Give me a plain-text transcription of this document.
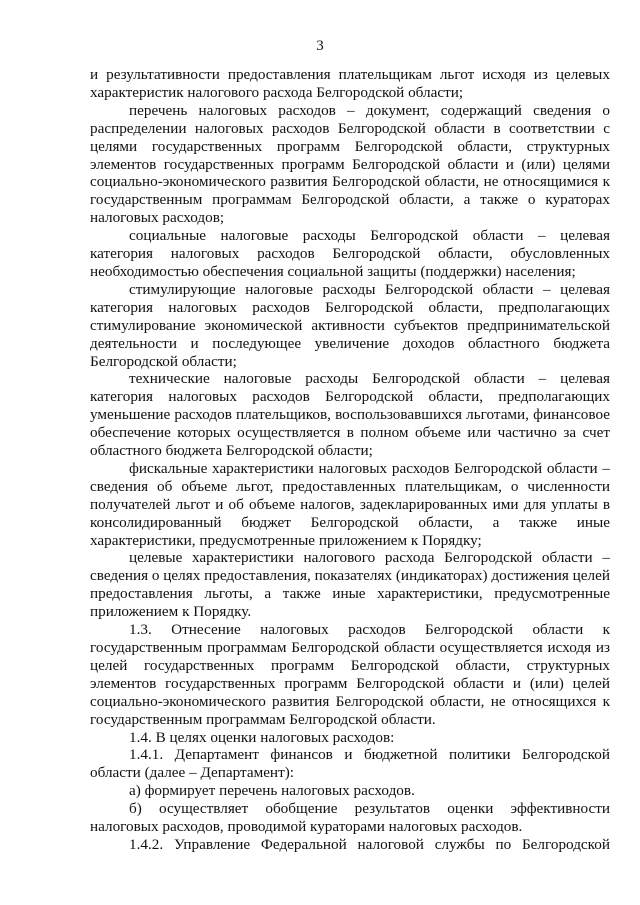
3

и результативности предоставления плательщикам льгот исходя из целевых характеристик налогового расхода Белгородской области;

перечень налоговых расходов – документ, содержащий сведения о распределении налоговых расходов Белгородской области в соответствии с целями государственных программ Белгородской области, структурных элементов государственных программ Белгородской области и (или) целями социально-экономического развития Белгородской области, не относящимися к государственным программам Белгородской области, а также о кураторах налоговых расходов;

социальные налоговые расходы Белгородской области – целевая категория налоговых расходов Белгородской области, обусловленных необходимостью обеспечения социальной защиты (поддержки) населения;

стимулирующие налоговые расходы Белгородской области – целевая категория налоговых расходов Белгородской области, предполагающих стимулирование экономической активности субъектов предпринимательской деятельности и последующее увеличение доходов областного бюджета Белгородской области;

технические налоговые расходы Белгородской области – целевая категория налоговых расходов Белгородской области, предполагающих уменьшение расходов плательщиков, воспользовавшихся льготами, финансовое обеспечение которых осуществляется в полном объеме или частично за счет областного бюджета Белгородской области;

фискальные характеристики налоговых расходов Белгородской области – сведения об объеме льгот, предоставленных плательщикам, о численности получателей льгот и об объеме налогов, задекларированных ими для уплаты в консолидированный бюджет Белгородской области, а также иные характеристики, предусмотренные приложением к Порядку;

целевые характеристики налогового расхода Белгородской области – сведения о целях предоставления, показателях (индикаторах) достижения целей предоставления льготы, а также иные характеристики, предусмотренные приложением к Порядку.

1.3. Отнесение налоговых расходов Белгородской области к государственным программам Белгородской области осуществляется исходя из целей государственных программ Белгородской области, структурных элементов государственных программ Белгородской области и (или) целей социально-экономического развития Белгородской области, не относящихся к государственным программам Белгородской области.

1.4. В целях оценки налоговых расходов:

1.4.1. Департамент финансов и бюджетной политики Белгородской области (далее – Департамент):

а) формирует перечень налоговых расходов.

б) осуществляет обобщение результатов оценки эффективности налоговых расходов, проводимой кураторами налоговых расходов.

1.4.2. Управление Федеральной налоговой службы по Белгородской
